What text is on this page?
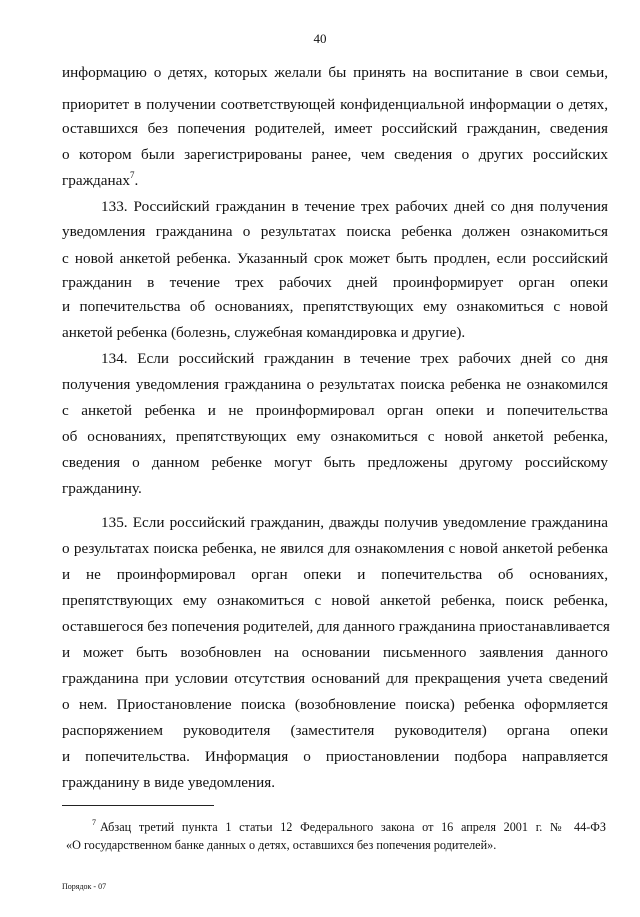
40
информацию о детях, которых желали бы принять на воспитание в свои семьи,
приоритет в получении соответствующей конфиденциальной информации о детях,
оставшихся без попечения родителей, имеет российский гражданин, сведения
о котором были зарегистрированы ранее, чем сведения о других российских
гражданах$^7$.
133. Российский гражданин в течение трех рабочих дней со дня получения
уведомления гражданина о результатах поиска ребенка должен ознакомиться
с новой анкетой ребенка. Указанный срок может быть продлен, если российский
гражданин в течение трех рабочих дней проинформирует орган опеки
и попечительства об основаниях, препятствующих ему ознакомиться с новой
анкетой ребенка (болезнь, служебная командировка и другие).
134. Если российский гражданин в течение трех рабочих дней со дня
получения уведомления гражданина о результатах поиска ребенка не ознакомился
с анкетой ребенка и не проинформировал орган опеки и попечительства
об основаниях, препятствующих ему ознакомиться с новой анкетой ребенка,
сведения о данном ребенке могут быть предложены другому российскому
гражданину.
135. Если российский гражданин, дважды получив уведомление гражданина
о результатах поиска ребенка, не явился для ознакомления с новой анкетой ребенка
и не проинформировал орган опеки и попечительства об основаниях,
препятствующих ему ознакомиться с новой анкетой ребенка, поиск ребенка,
оставшегося без попечения родителей, для данного гражданина приостанавливается
и может быть возобновлен на основании письменного заявления данного
гражданина при условии отсутствия оснований для прекращения учета сведений
о нем. Приостановление поиска (возобновление поиска) ребенка оформляется
распоряжением руководителя (заместителя руководителя) органа опеки
и попечительства. Информация о приостановлении подбора направляется
гражданину в виде уведомления.
$^7$ Абзац третий пункта 1 статьи 12 Федерального закона от 16 апреля 2001 г. № 44-ФЗ
«О государственном банке данных о детях, оставшихся без попечения родителей».
Порядок - 07
